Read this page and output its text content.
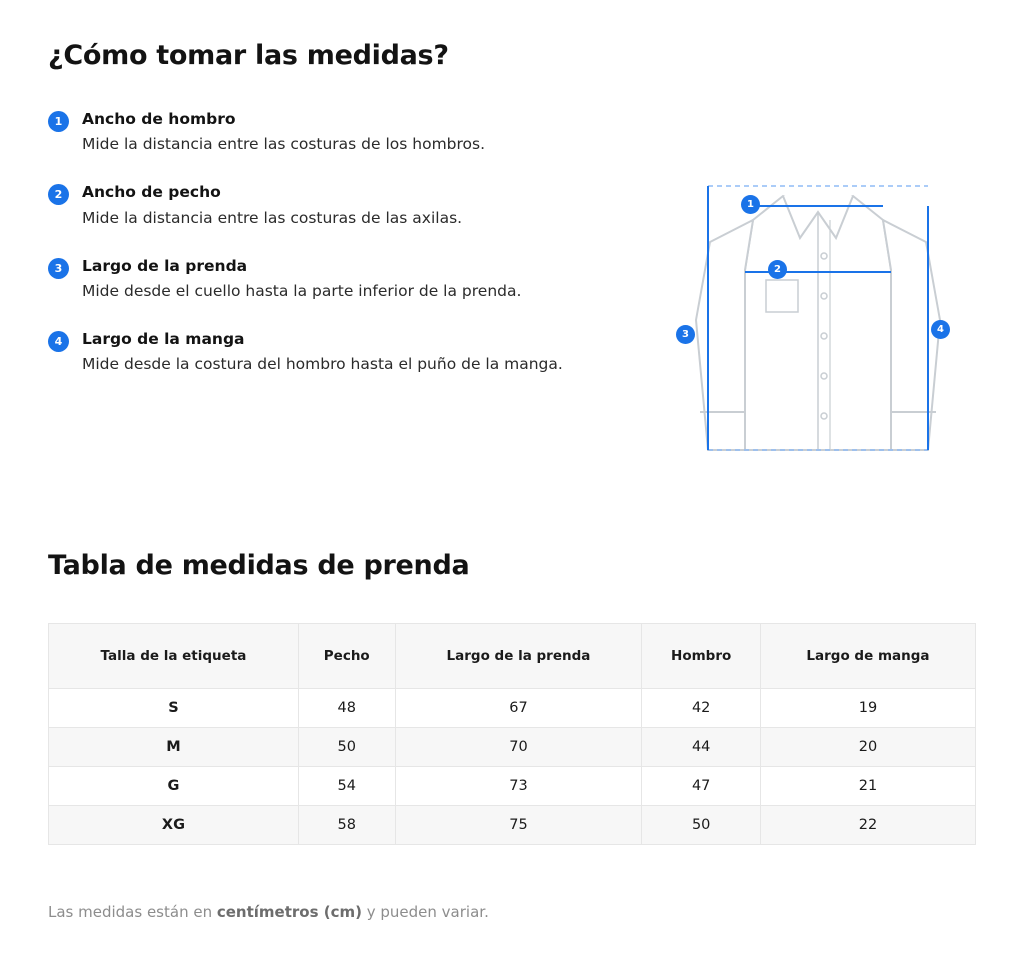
¿Cómo tomar las medidas?
1	Ancho de hombro
Mide la distancia entre las costuras de los hombros.
2	Ancho de pecho
Mide la distancia entre las costuras de las axilas.
3	Largo de la prenda
Mide desde el cuello hasta la parte inferior de la prenda.
4	Largo de la manga
Mide desde la costura del hombro hasta el puño de la manga.
1
2
3	4
Tabla de medidas de prenda
Talla de la etiqueta	Pecho	Largo de la prenda	Hombro	Largo de manga
S	48	67	42	19
M	50	70	44	20
G	54	73	47	21
XG	58	75	50	22
Las medidas están en centímetros (cm) y pueden variar.
